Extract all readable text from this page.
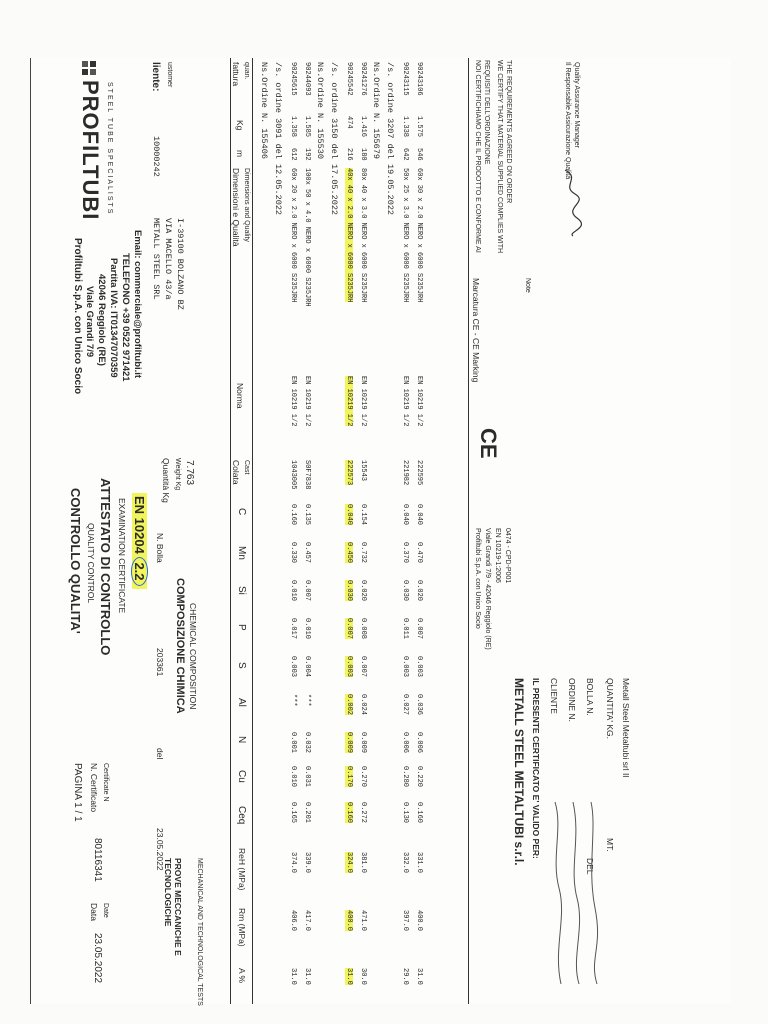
PROFILTUBI STEEL TUBE SPECIALISTS
Profiltubi S.p.A. con Unico Socio Viale Grandi 7/9 42046 Reggiolo (RE) Partita IVA: IT01347070359 TELEFONO +39 0522 971421 Email: commerciale@profiltubi.it
CONTROLLO QUALITA' QUALITY CONTROL ATTESTATO DI CONTROLLO EXAMINATION CERTIFICATE EN 10204 2.2
PAGINA 1 / 1 N. Certificato Certificate N
80116341
Data Date
23.05.2022
N. Bolla
203361
del
23.05.2022
liente: ustomer
10000242
METALL STEEL SRL VIA MACELLO 43/a I-39100 BOLZANO BZ
Quantità Kg Weight Kg 7.763
COMPOSIZIONE CHIMICA CHEMICAL COMPOSITION
PROVE MECCANICHE E TECNOLOGICHE	MECHANICAL AND TECHNOLOGICAL TESTS
fattura quan.
Kg
m
Dimensioni e Qualità Dimensions and Quality
Norma
Colata Cast
C
Mn
Si
P
S
Al
N
Cu
Ceq
ReH (MPa)
Rm (MPa)
A %
Ns.Ordine N. 155406 /s. ordine 3091 del 12.05.2022 90245615
1.358
612
60x 20 x 2.0 NERO x 6000 S235JRH
EN 10219 1/2
1043005
0.160
0.330
0.010
0.017
0.003
***
0.001
0.010
0.165
374.0
406.0
31.0
90244093
1.585
192
100x 50 x 4.0 NERO x 6000 S235JRH
EN 10219 1/2
S0F7838
0.135
0.457
0.007
0.010
0.004
***
0.032
0.031
0.201
339.0
417.0
31.0
Ns.Ordine N. 155530 /s. ordine 3150 del 17.05.2022 90245542
474
216
40x 40 x 2.0 NERO x 6000 S235JRH
EN 10219 1/2
222573
0.040
0.450
0.030
0.007
0.003
0.002
0.009
0.170
0.160
324.0
400.0
31.0
90241276
1.416
180
80x 40 x 3.0 NERO x 6000 S235JRH
EN 10219 1/2
15543
0.154
0.732
0.020
0.008
0.007
0.024
0.009
0.270
0.272
381.0
471.0
30.0
Ns.Ordine N. 155679 /s. ordine 3207 del 19.05.2022 90243115
1.338
642
50x 25 x 3.0 NERO x 6000 S235JRH
EN 10219 1/2
221982
0.040
0.370
0.030
0.011
0.003
0.027
0.006
0.280
0.130
332.0
397.0
29.0
90243106
1.575
546
60x 30 x 2.0 NERO x 6000 S235JRH
EN 10219 1/2
222595
0.040
0.470
0.020
0.007
0.003
0.036
0.006
0.220
0.160
331.0
400.0
31.0
NOI CERTIFICHIAMO CHE IL PRODOTTO E CONFORME AI REQUISITI DELL'ORDINAZIONE WE CERTIFY THAT MATERIAL SUPPLIED COMPLIES WITH THE REQUIREMENTS AGREED ON ORDER	Il Responsabile Assicurazione Qualità Quality Assurance Manager
Marcatura CE - CE Marking
CE
Profiltubi S.p.A. con Unico Socio Viale Grandi 7/9 - 42046 Reggiolo (RE) EN 10219-1:2006 0474 - CPD-P001
Note
METALL STEEL METALTUBI s.r.l. IL PRESENTE CERTIFICATO E' VALIDO PER: CLIENTE ORDINE N. BOLLA N.
DEL
QUANTITA' KG.
MT.
Metall Steel Metaltubi srl Il
